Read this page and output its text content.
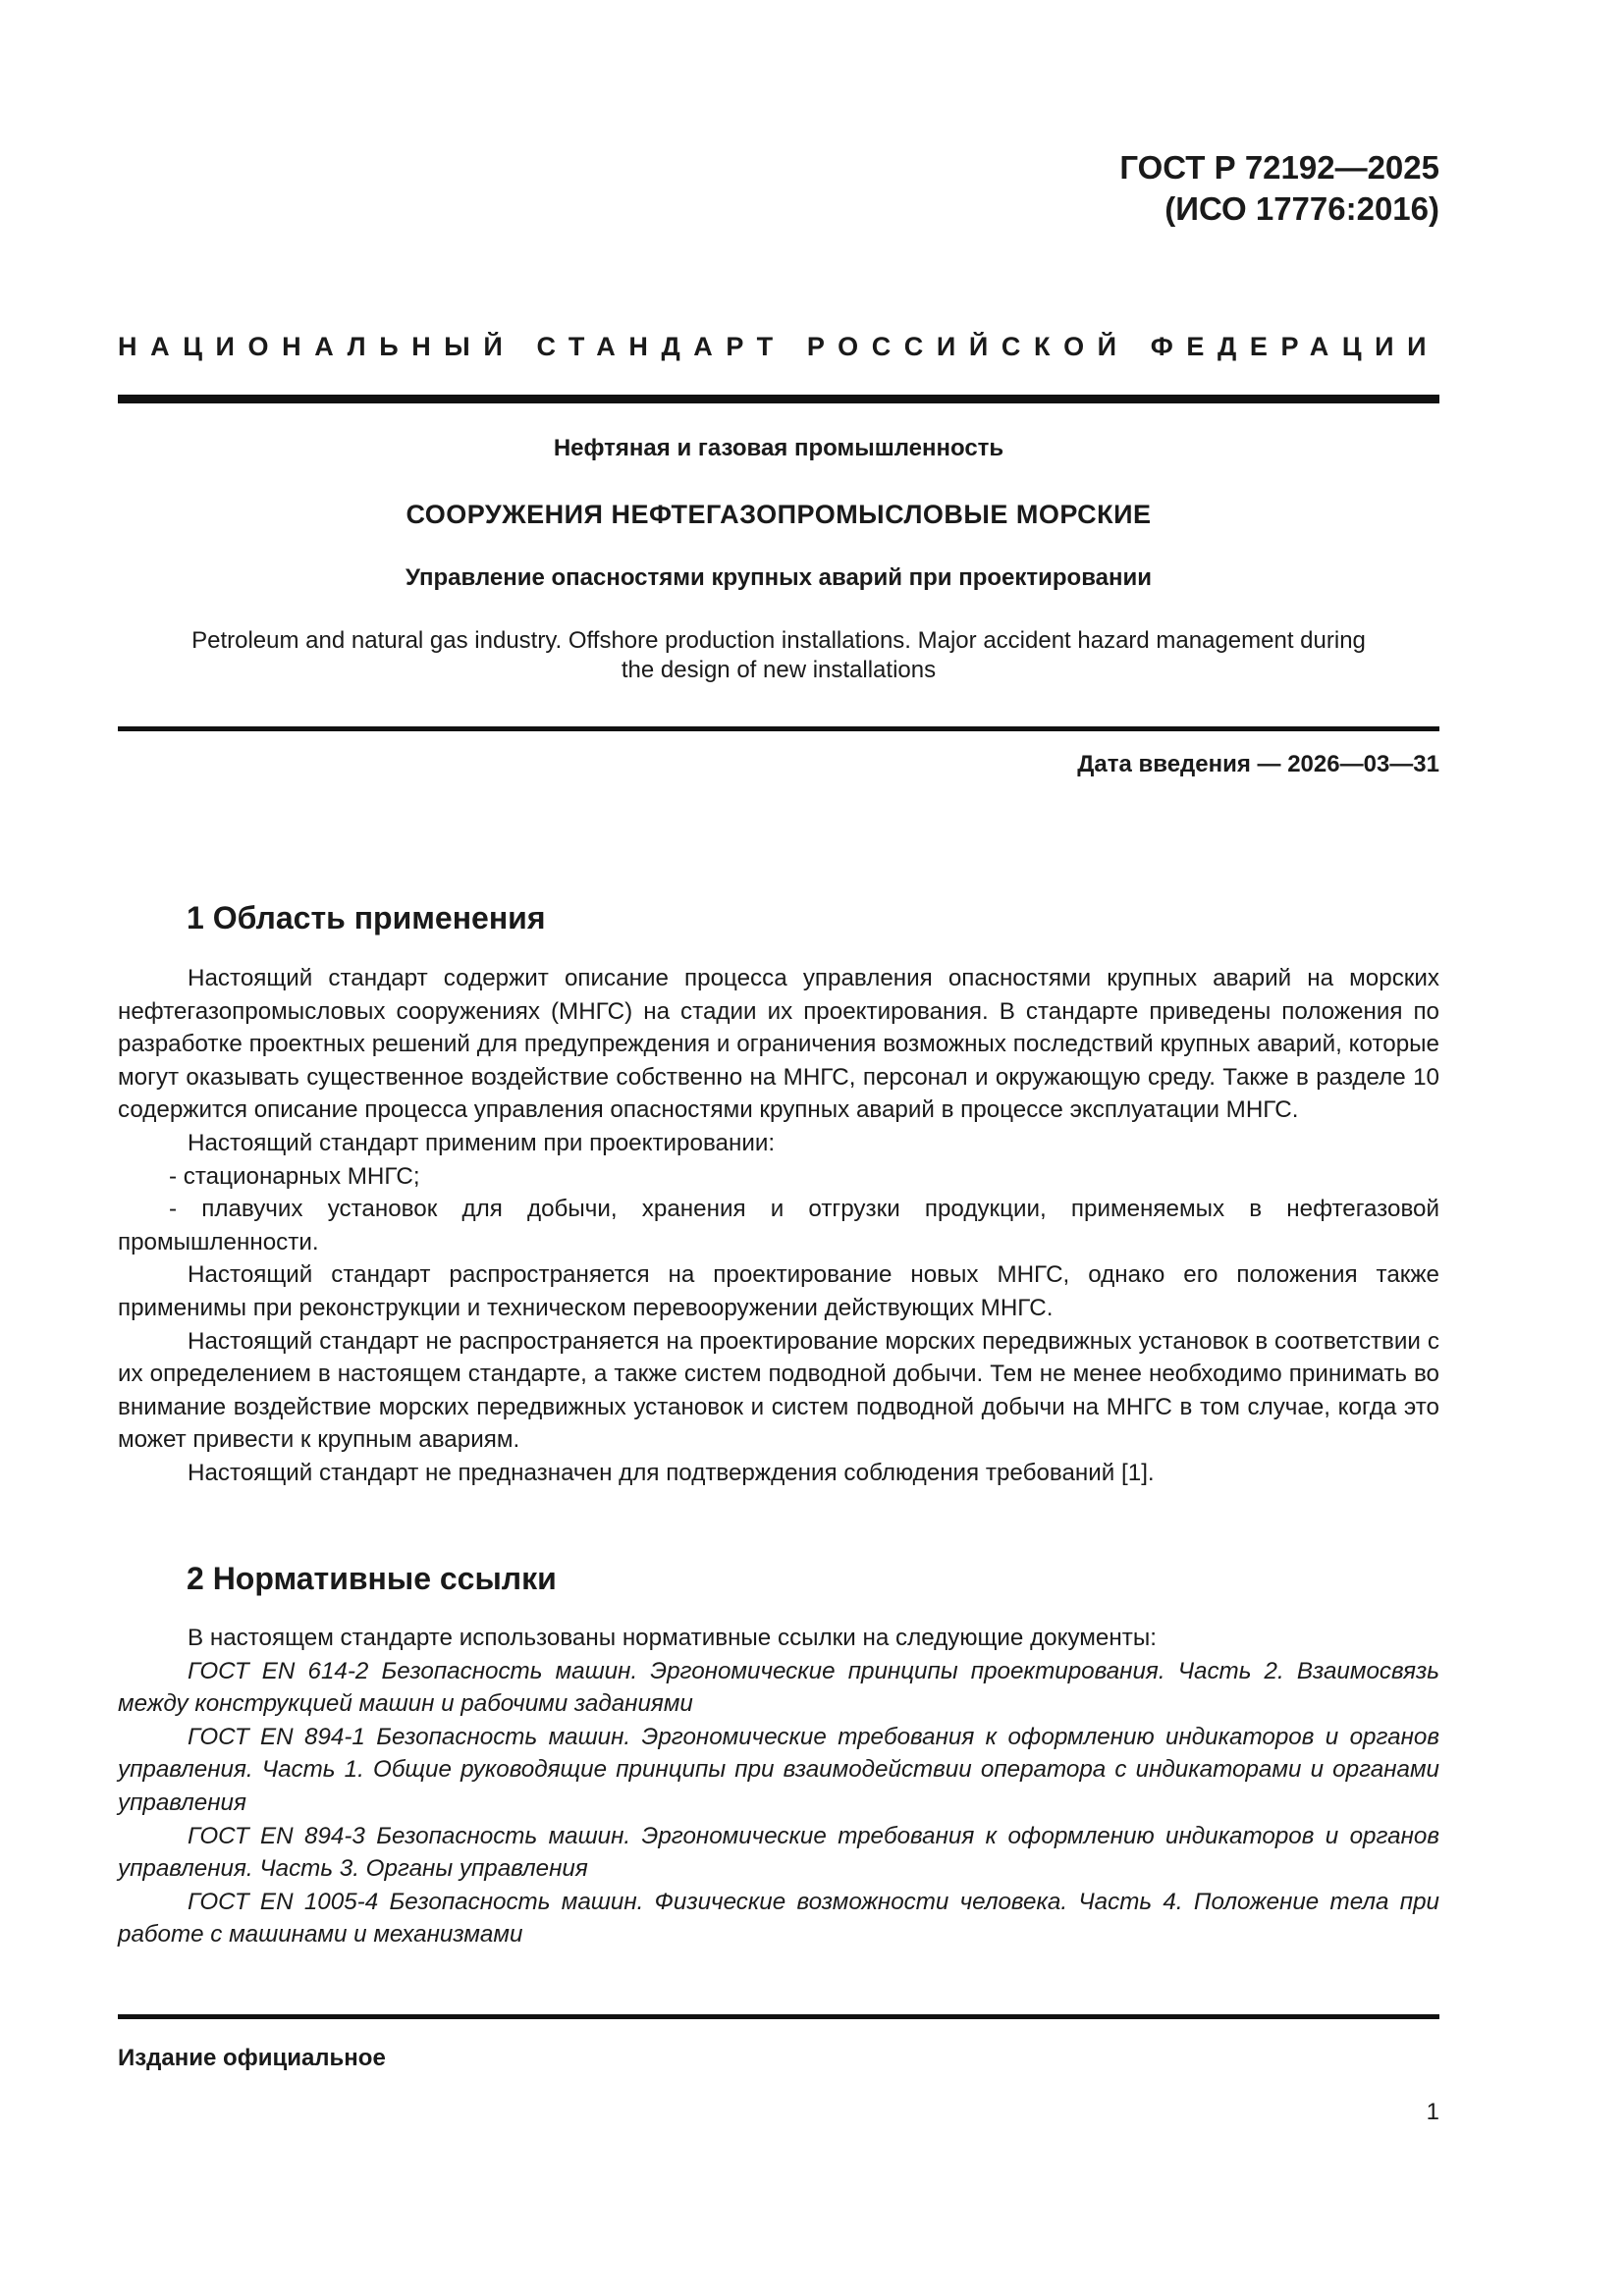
ГОСТ Р 72192—2025
(ИСО 17776:2016)
НАЦИОНАЛЬНЫЙ СТАНДАРТ РОССИЙСКОЙ ФЕДЕРАЦИИ
Нефтяная и газовая промышленность
СООРУЖЕНИЯ НЕФТЕГАЗОПРОМЫСЛОВЫЕ МОРСКИЕ
Управление опасностями крупных аварий при проектировании
Petroleum and natural gas industry. Offshore production installations. Major accident hazard management during
the design of new installations
Дата введения — 2026—03—31
1 Область применения

Настоящий стандарт содержит описание процесса управления опасностями крупных аварий на морских нефтегазопромысловых сооружениях (МНГС) на стадии их проектирования. В стандарте приведены положения по разработке проектных решений для предупреждения и ограничения возможных последствий крупных аварий, которые могут оказывать существенное воздействие собственно на МНГС, персонал и окружающую среду. Также в разделе 10 содержится описание процесса управления опасностями крупных аварий в процессе эксплуатации МНГС.

Настоящий стандарт применим при проектировании:

- стационарных МНГС;

- плавучих установок для добычи, хранения и отгрузки продукции, применяемых в нефтегазовой промышленности.

Настоящий стандарт распространяется на проектирование новых МНГС, однако его положения также применимы при реконструкции и техническом перевооружении действующих МНГС.

Настоящий стандарт не распространяется на проектирование морских передвижных установок в соответствии с их определением в настоящем стандарте, а также систем подводной добычи. Тем не менее необходимо принимать во внимание воздействие морских передвижных установок и систем подводной добычи на МНГС в том случае, когда это может привести к крупным авариям.

Настоящий стандарт не предназначен для подтверждения соблюдения требований [1].

2 Нормативные ссылки

В настоящем стандарте использованы нормативные ссылки на следующие документы:

ГОСТ EN 614-2 Безопасность машин. Эргономические принципы проектирования. Часть 2. Взаимосвязь между конструкцией машин и рабочими заданиями

ГОСТ EN 894-1 Безопасность машин. Эргономические требования к оформлению индикаторов и органов управления. Часть 1. Общие руководящие принципы при взаимодействии оператора с индикаторами и органами управления

ГОСТ EN 894-3 Безопасность машин. Эргономические требования к оформлению индикаторов и органов управления. Часть 3. Органы управления

ГОСТ EN 1005-4 Безопасность машин. Физические возможности человека. Часть 4. Положение тела при работе с машинами и механизмами

Издание официальное
1
